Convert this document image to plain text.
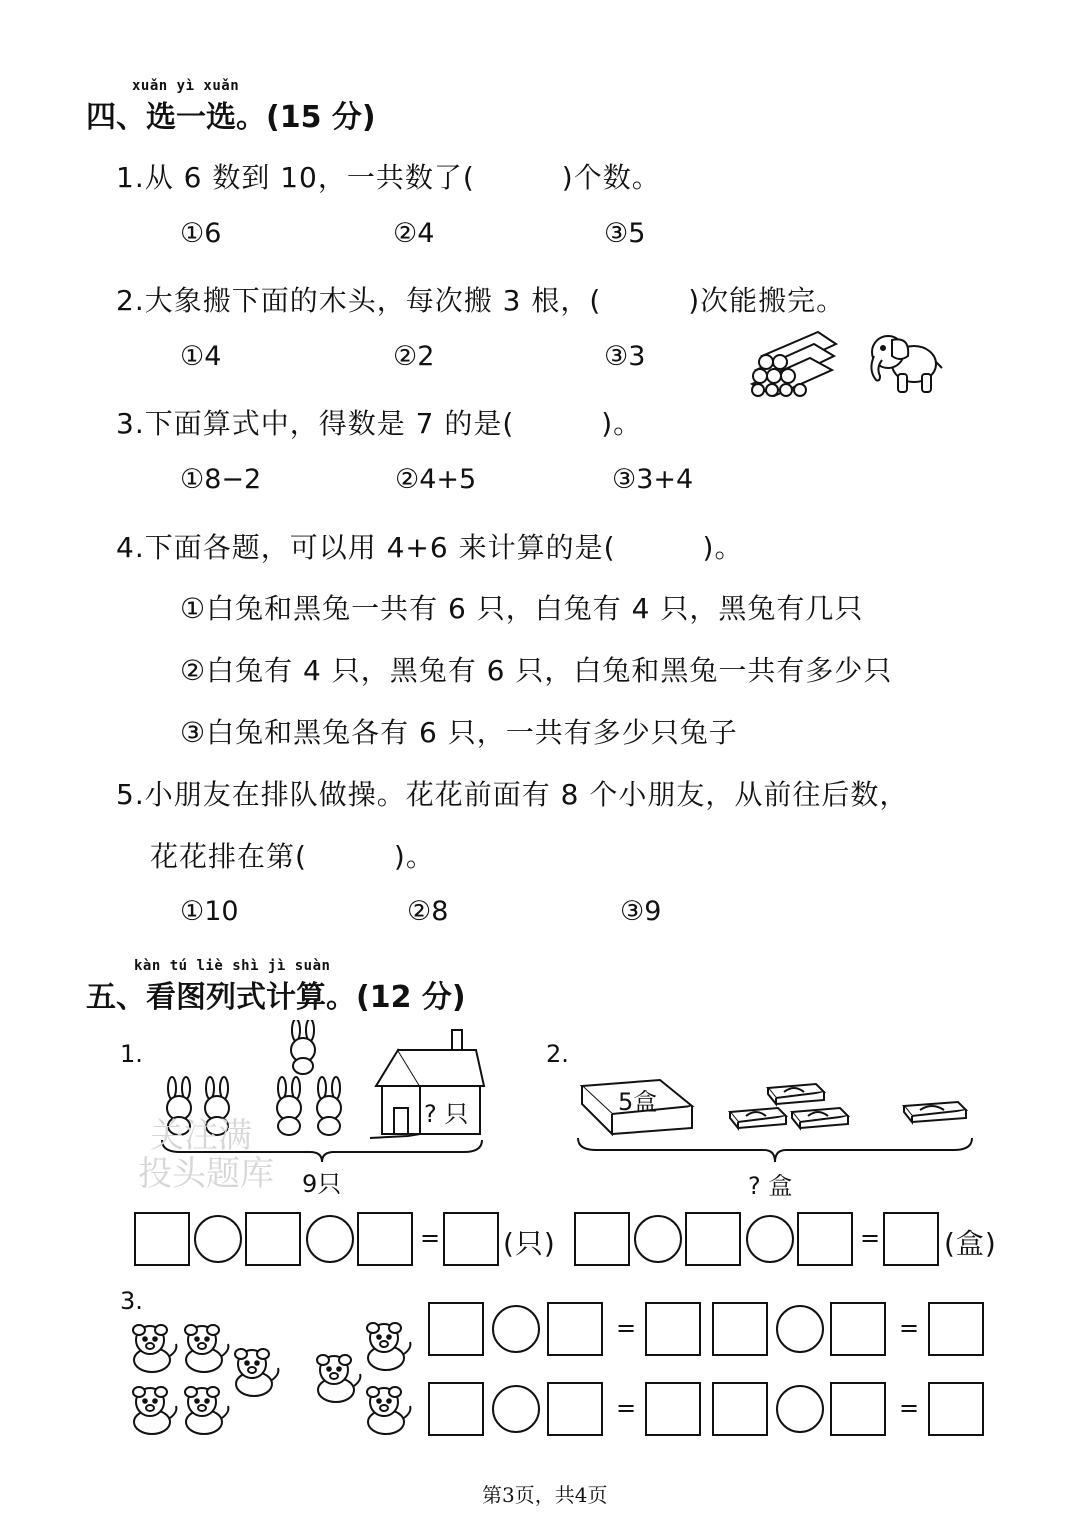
xuǎn yì xuǎn
四、选一选。(15 分)
1.从 6 数到 10，一共数了(　　　)个数。
①6	②4	③5
2.大象搬下面的木头，每次搬 3 根，(　　　)次能搬完。
①4	②2	③3
3.下面算式中，得数是 7 的是(　　　)。
①8−2	②4+5	③3+4
4.下面各题，可以用 4+6 来计算的是(　　　)。
①白兔和黑兔一共有 6 只，白兔有 4 只，黑兔有几只
②白兔有 4 只，黑兔有 6 只，白兔和黑兔一共有多少只
③白兔和黑兔各有 6 只，一共有多少只兔子
5.小朋友在排队做操。花花前面有 8 个小朋友，从前往后数，
花花排在第(　　　)。
①10	②8	③9
kàn tú liè shì jì suàn
五、看图列式计算。(12 分)
1.
? 只
9只
关注满
投头题库
2.
5盒
? 盒
= (只)	= (盒)
3.
=	=
=	=
第3页，共4页
